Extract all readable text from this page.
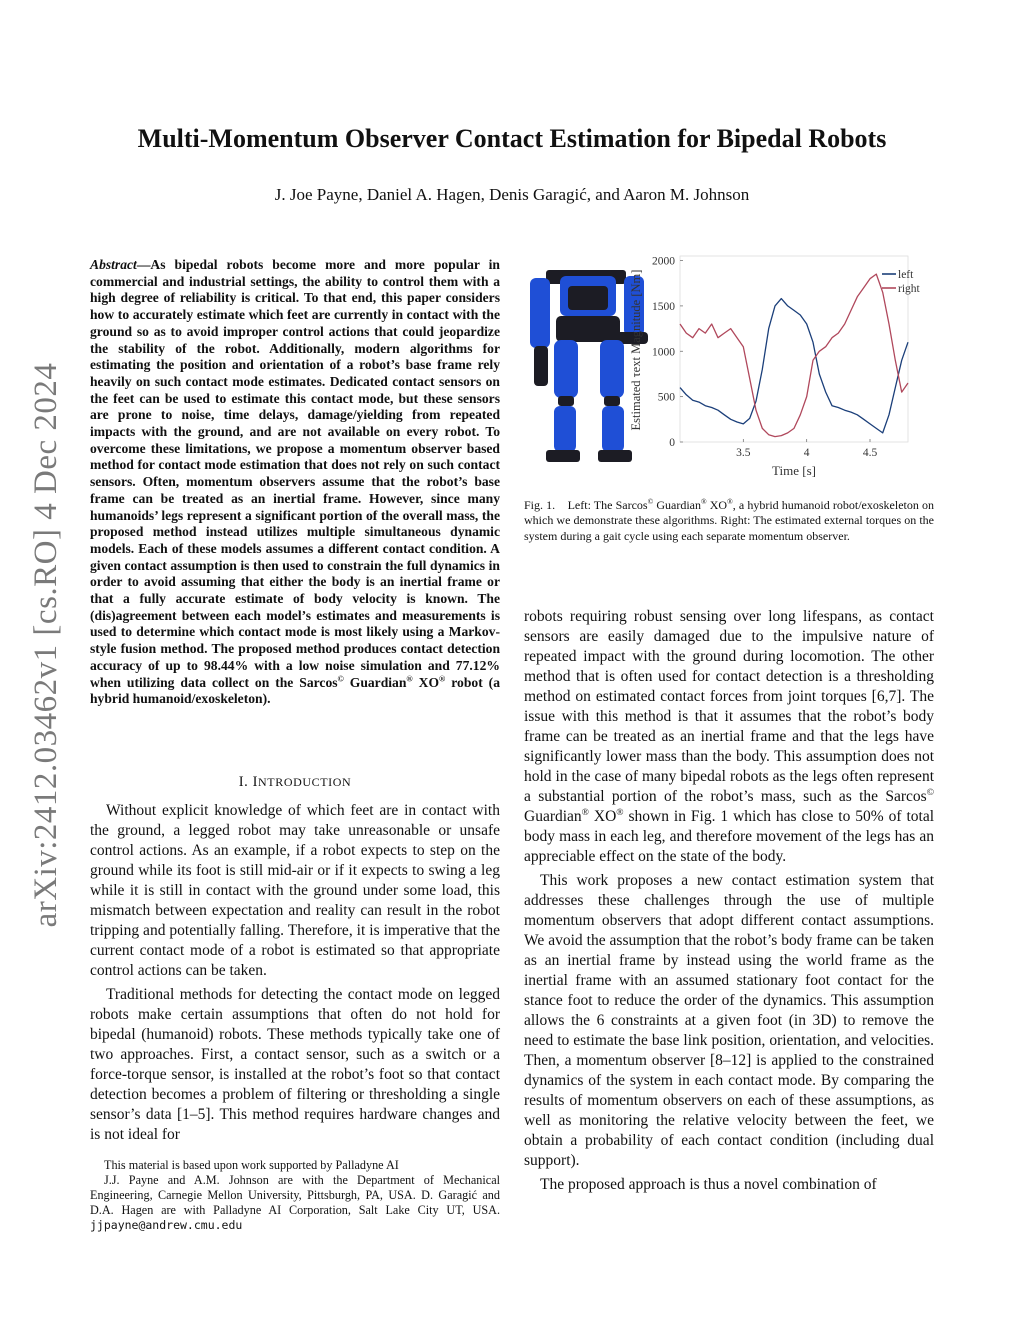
arXiv:2412.03462v1 [cs.RO] 4 Dec 2024
Multi-Momentum Observer Contact Estimation for Bipedal Robots
J. Joe Payne, Daniel A. Hagen, Denis Garagić, and Aaron M. Johnson
Abstract—As bipedal robots become more and more popular in commercial and industrial settings, the ability to control them with a high degree of reliability is critical. To that end, this paper considers how to accurately estimate which feet are currently in contact with the ground so as to avoid improper control actions that could jeopardize the stability of the robot. Additionally, modern algorithms for estimating the position and orientation of a robot’s base frame rely heavily on such contact mode estimates. Dedicated contact sensors on the feet can be used to estimate this contact mode, but these sensors are prone to noise, time delays, damage/yielding from repeated impacts with the ground, and are not available on every robot. To overcome these limitations, we propose a momentum observer based method for contact mode estimation that does not rely on such contact sensors. Often, momentum observers assume that the robot’s base frame can be treated as an inertial frame. However, since many humanoids’ legs represent a significant portion of the overall mass, the proposed method instead utilizes multiple simultaneous dynamic models. Each of these models assumes a different contact condition. A given contact assumption is then used to constrain the full dynamics in order to avoid assuming that either the body is an inertial frame or that a fully accurate estimate of body velocity is known. The (dis)agreement between each model’s estimates and measurements is used to determine which contact mode is most likely using a Markov-style fusion method. The proposed method produces contact detection accuracy of up to 98.44% with a low noise simulation and 77.12% when utilizing data collect on the Sarcos© Guardian® XO® robot (a hybrid humanoid/exoskeleton).
I. INTRODUCTION

Without explicit knowledge of which feet are in contact with the ground, a legged robot may take unreasonable or unsafe control actions. As an example, if a robot expects to step on the ground while its foot is still mid-air or if it expects to swing a leg while it is still in contact with the ground under some load, this mismatch between expectation and reality can result in the robot tripping and potentially falling. Therefore, it is imperative that the current contact mode of a robot is estimated so that appropriate control actions can be taken.

Traditional methods for detecting the contact mode on legged robots make certain assumptions that often do not hold for bipedal (humanoid) robots. These methods typically take one of two approaches. First, a contact sensor, such as a switch or a force-torque sensor, is installed at the robot’s foot so that contact detection becomes a problem of filtering or thresholding a single sensor’s data [1–5]. This method requires hardware changes and is not ideal for

This material is based upon work supported by Palladyne AI

J.J. Payne and A.M. Johnson are with the Department of Mechanical Engineering, Carnegie Mellon University, Pittsburgh, PA, USA. D. Garagić and D.A. Hagen are with Palladyne AI Corporation, Salt Lake City UT, USA. jjpayne@andrew.cmu.edu

0
500
1000
1500
2000
3.5	4	4.5
Estimated τext Magnitude [Nm]
Time [s]
left
right
Fig. 1. Left: The Sarcos© Guardian® XO®, a hybrid humanoid robot/exoskeleton on which we demonstrate these algorithms. Right: The estimated external torques on the system during a gait cycle using each separate momentum observer.

robots requiring robust sensing over long lifespans, as contact sensors are easily damaged due to the impulsive nature of repeated impact with the ground during locomotion. The other method that is often used for contact detection is a thresholding method on estimated contact forces from joint torques [6,7]. The issue with this method is that it assumes that the robot’s body frame can be treated as an inertial frame and that the legs have significantly lower mass than the body. This assumption does not hold in the case of many bipedal robots as the legs often represent a substantial portion of the robot’s mass, such as the Sarcos© Guardian® XO® shown in Fig. 1 which has close to 50% of total body mass in each leg, and therefore movement of the legs has an appreciable effect on the state of the body.

This work proposes a new contact estimation system that addresses these challenges through the use of multiple momentum observers that adopt different contact assumptions. We avoid the assumption that the robot’s body frame can be taken as an inertial frame by instead using the world frame as the inertial frame with an assumed stationary foot contact for the stance foot to reduce the order of the dynamics. This assumption allows the 6 constraints at a given foot (in 3D) to remove the need to estimate the base link position, orientation, and velocities. Then, a momentum observer [8–12] is applied to the constrained dynamics of the system in each contact mode. By comparing the results of momentum observers on each of these assumptions, as well as monitoring the relative velocity between the feet, we obtain a probability of each contact condition (including dual support).

The proposed approach is thus a novel combination of
